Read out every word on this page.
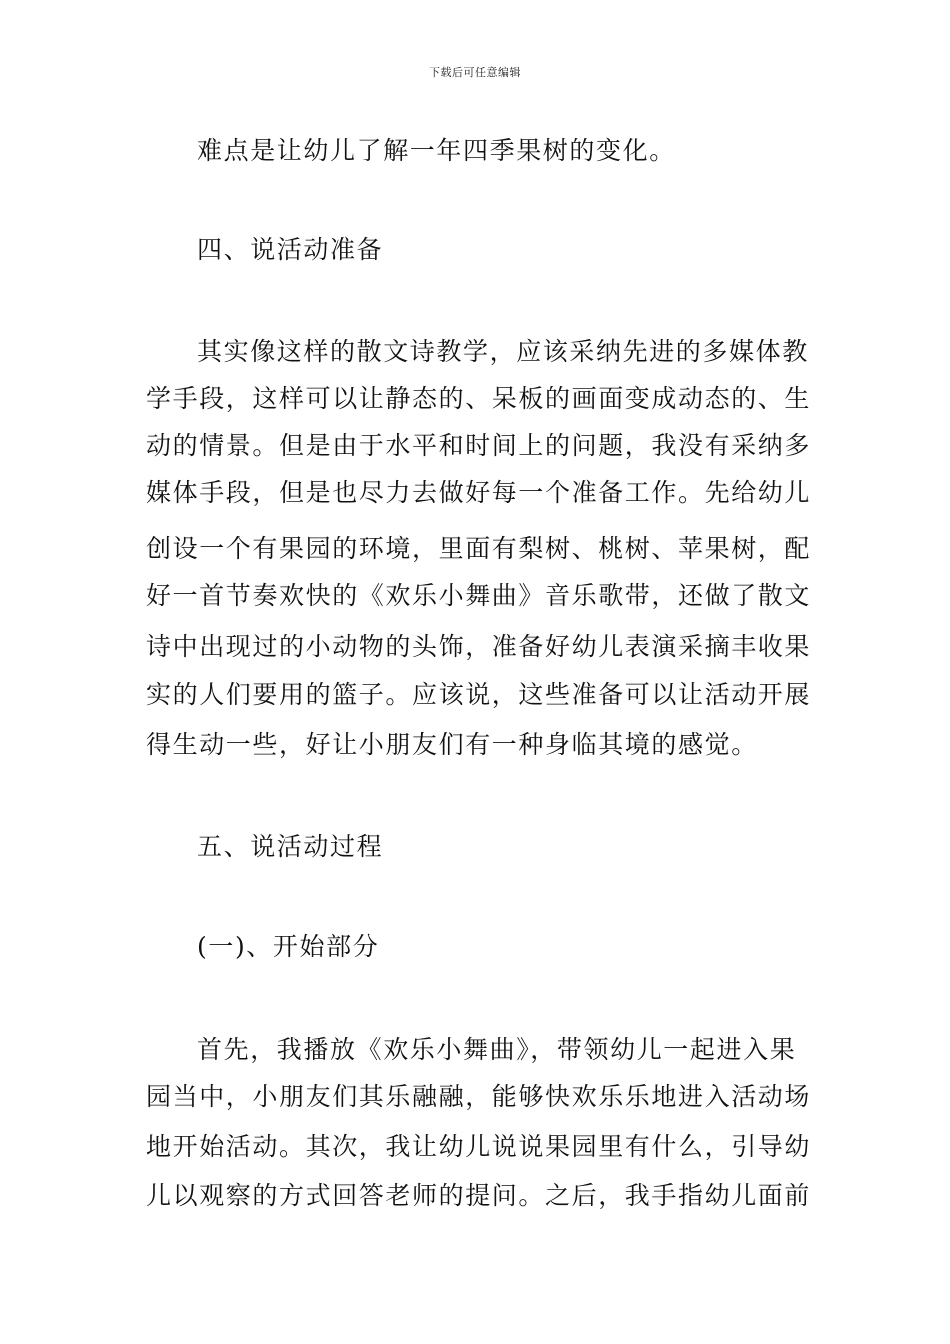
下载后可任意编辑
难点是让幼儿了解一年四季果树的变化。
四、说活动准备
其实像这样的散文诗教学，应该采纳先进的多媒体教
学手段，这样可以让静态的、呆板的画面变成动态的、生
动的情景。但是由于水平和时间上的问题，我没有采纳多
媒体手段，但是也尽力去做好每一个准备工作。先给幼儿
创设一个有果园的环境，里面有梨树、桃树、苹果树，配
好一首节奏欢快的《欢乐小舞曲》音乐歌带，还做了散文
诗中出现过的小动物的头饰，准备好幼儿表演采摘丰收果
实的人们要用的篮子。应该说，这些准备可以让活动开展
得生动一些，好让小朋友们有一种身临其境的感觉。
五、说活动过程
(一)、开始部分
首先，我播放《欢乐小舞曲》，带领幼儿一起进入果
园当中，小朋友们其乐融融，能够快欢乐乐地进入活动场
地开始活动。其次，我让幼儿说说果园里有什么，引导幼
儿以观察的方式回答老师的提问。之后，我手指幼儿面前
